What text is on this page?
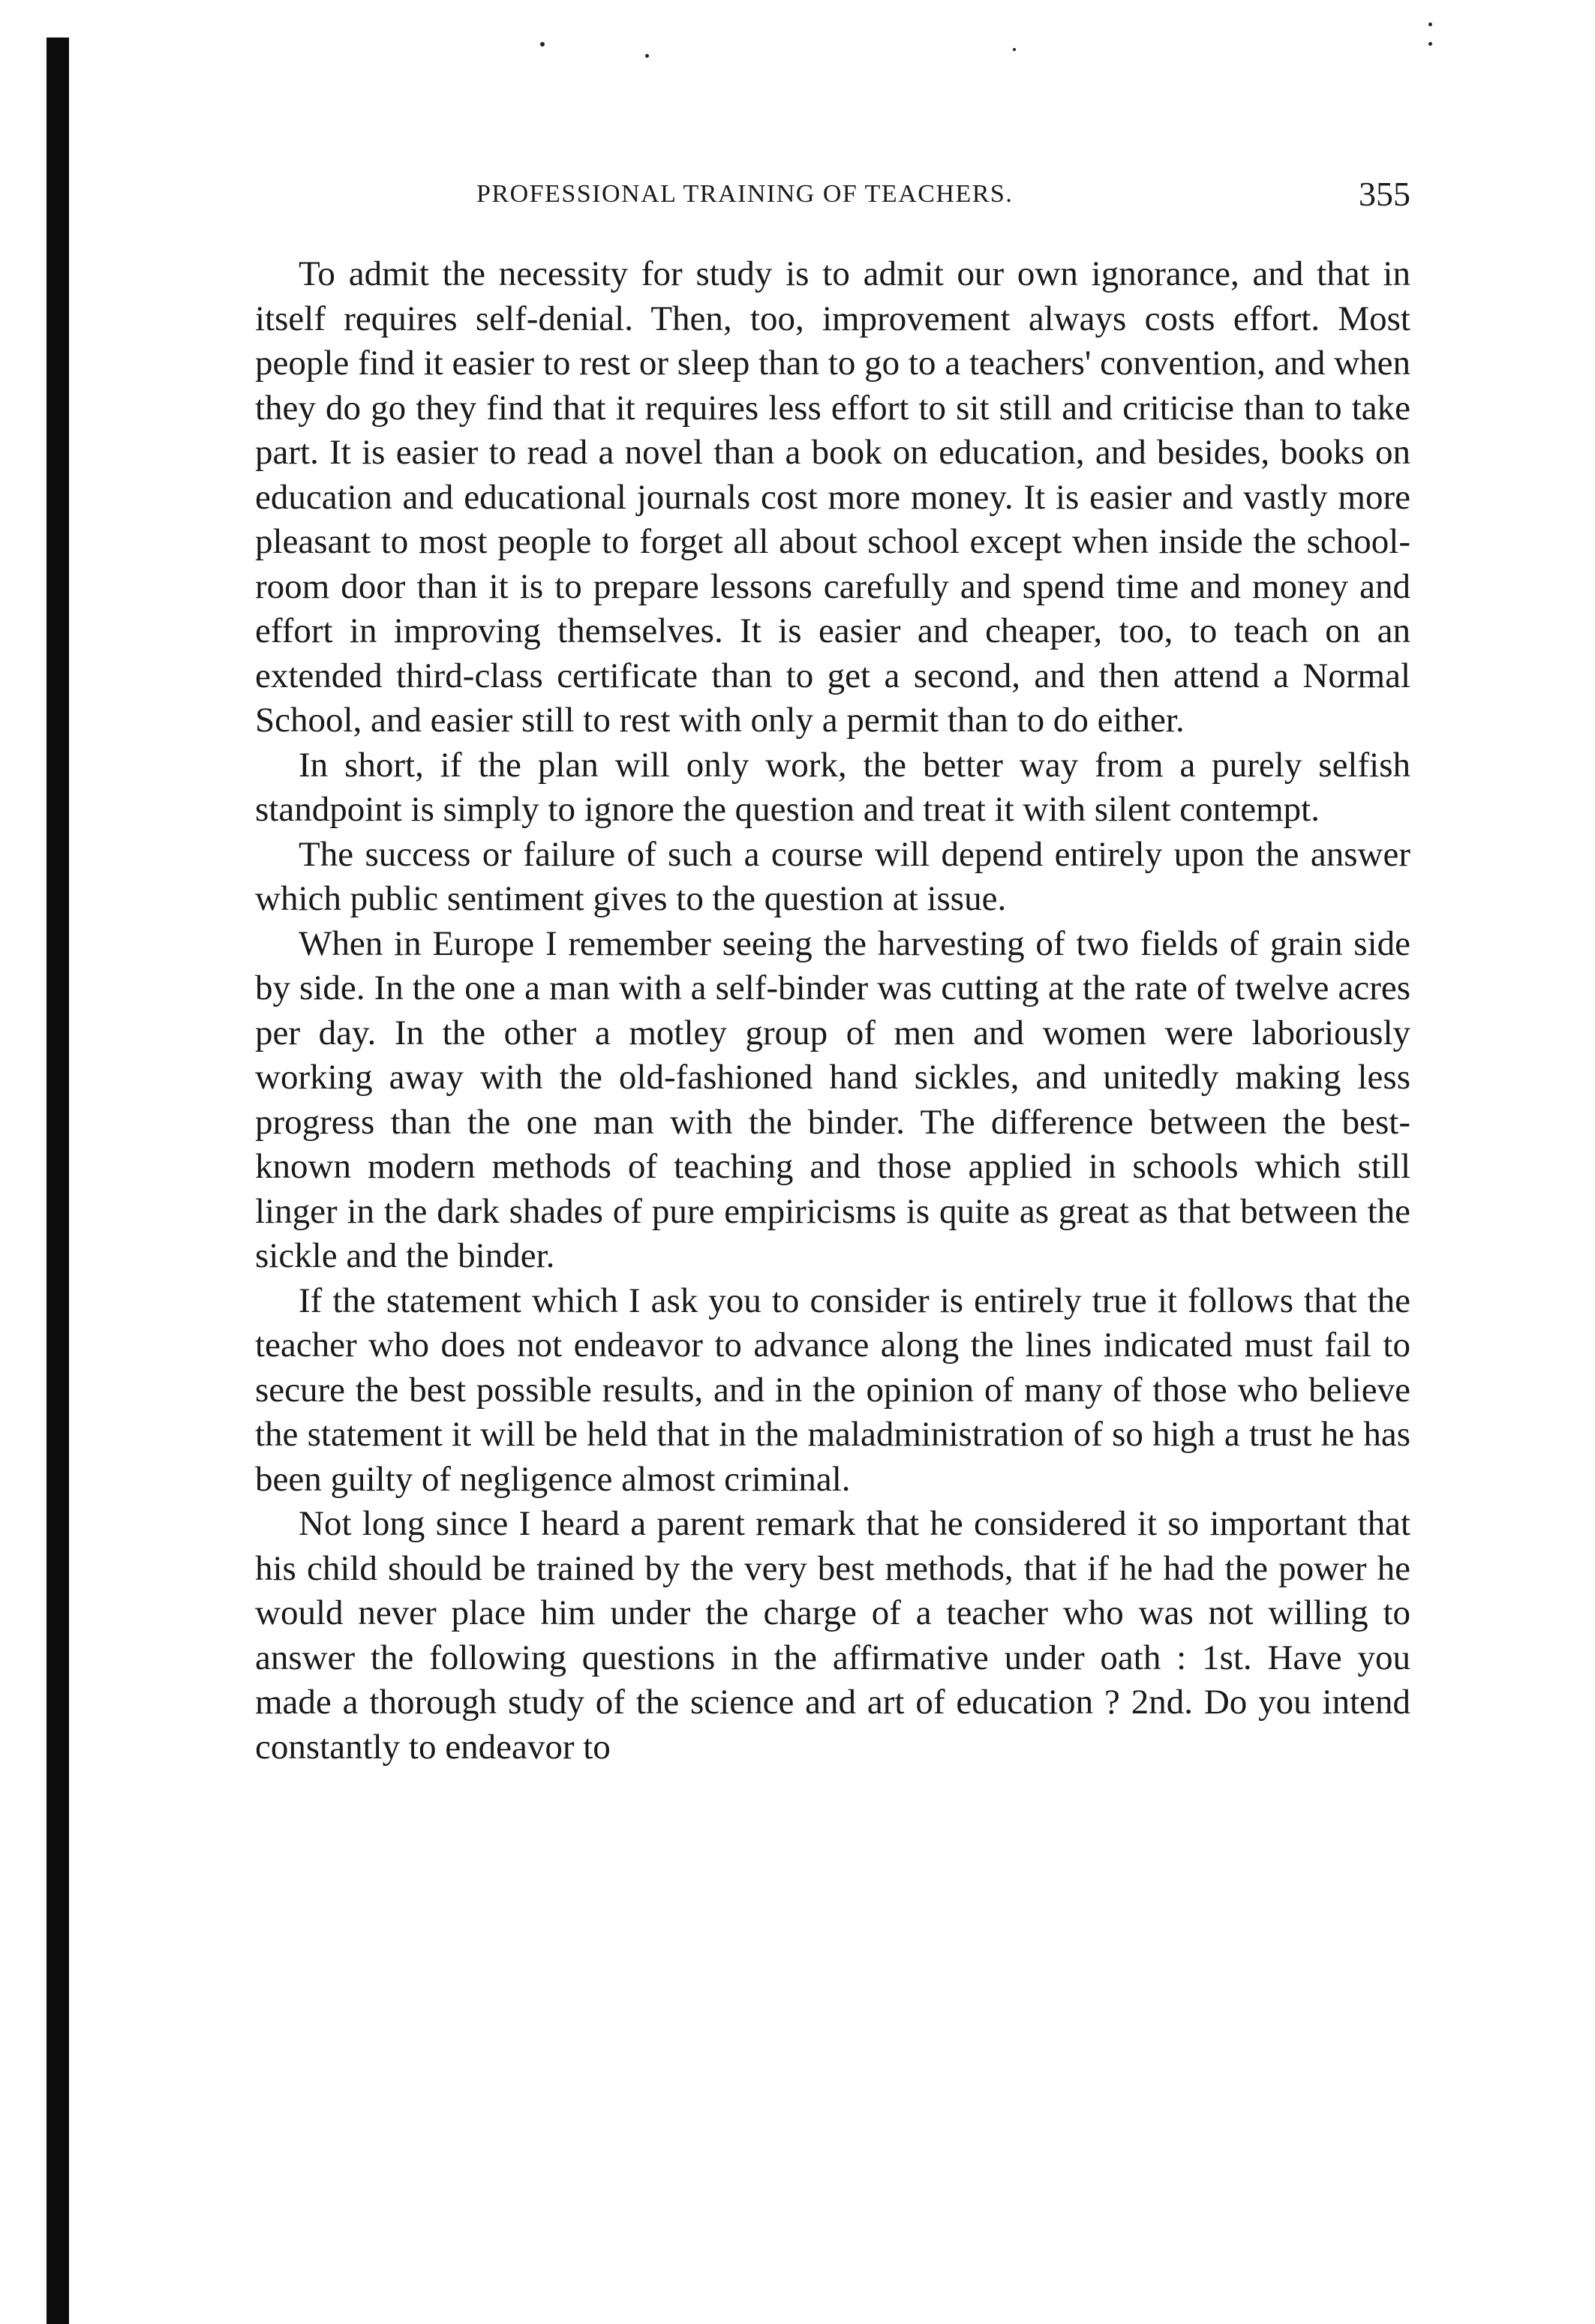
PROFESSIONAL TRAINING OF TEACHERS.	355

To admit the necessity for study is to admit our own ignorance, and that in itself requires self-denial. Then, too, improvement always costs effort. Most people find it easier to rest or sleep than to go to a teachers' convention, and when they do go they find that it requires less effort to sit still and criticise than to take part. It is easier to read a novel than a book on education, and besides, books on education and educational journals cost more money. It is easier and vastly more pleasant to most people to forget all about school except when inside the school-room door than it is to prepare lessons carefully and spend time and money and effort in improving themselves. It is easier and cheaper, too, to teach on an extended third-class certificate than to get a second, and then attend a Normal School, and easier still to rest with only a permit than to do either.

In short, if the plan will only work, the better way from a purely selfish standpoint is simply to ignore the question and treat it with silent contempt.

The success or failure of such a course will depend entirely upon the answer which public sentiment gives to the question at issue.

When in Europe I remember seeing the harvesting of two fields of grain side by side. In the one a man with a self-binder was cutting at the rate of twelve acres per day. In the other a motley group of men and women were laboriously working away with the old-fashioned hand sickles, and unitedly making less progress than the one man with the binder. The difference between the best-known modern methods of teaching and those applied in schools which still linger in the dark shades of pure empiricisms is quite as great as that between the sickle and the binder.

If the statement which I ask you to consider is entirely true it follows that the teacher who does not endeavor to advance along the lines indicated must fail to secure the best possible results, and in the opinion of many of those who believe the statement it will be held that in the maladministration of so high a trust he has been guilty of negligence almost criminal.

Not long since I heard a parent remark that he considered it so important that his child should be trained by the very best methods, that if he had the power he would never place him under the charge of a teacher who was not willing to answer the following questions in the affirmative under oath : 1st. Have you made a thorough study of the science and art of education ? 2nd. Do you intend constantly to endeavor to
